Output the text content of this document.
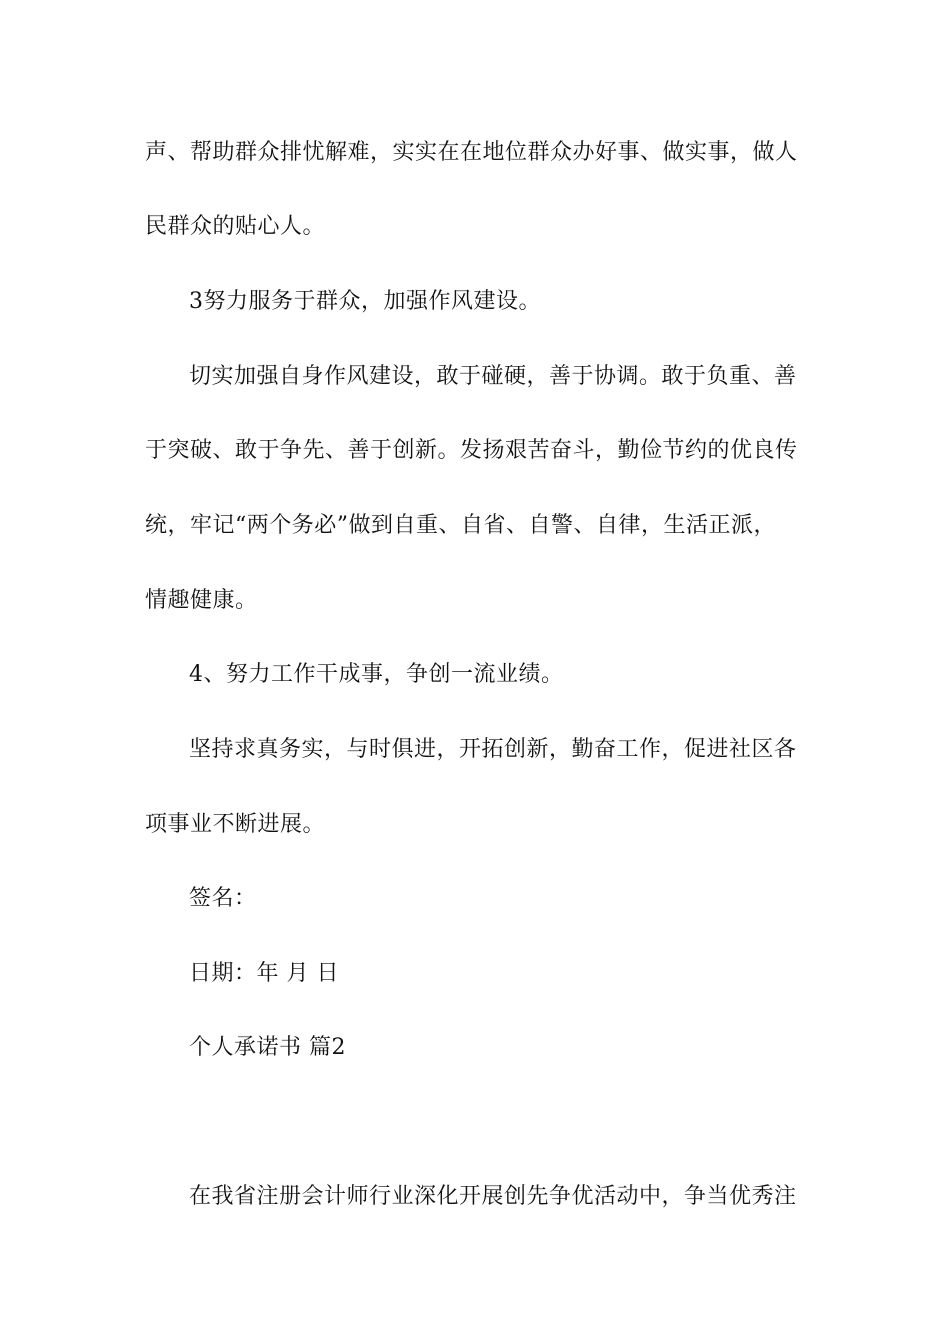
声、帮助群众排忧解难，实实在在地位群众办好事、做实事，做人
民群众的贴心人。
3努力服务于群众，加强作风建设。
切实加强自身作风建设，敢于碰硬，善于协调。敢于负重、善
于突破、敢于争先、善于创新。发扬艰苦奋斗，勤俭节约的优良传
统，牢记“两个务必”做到自重、自省、自警、自律，生活正派，
情趣健康。
4、努力工作干成事，争创一流业绩。
坚持求真务实，与时俱进，开拓创新，勤奋工作，促进社区各
项事业不断进展。
签名：
日期：年 月 日
个人承诺书 篇2
在我省注册会计师行业深化开展创先争优活动中，争当优秀注
